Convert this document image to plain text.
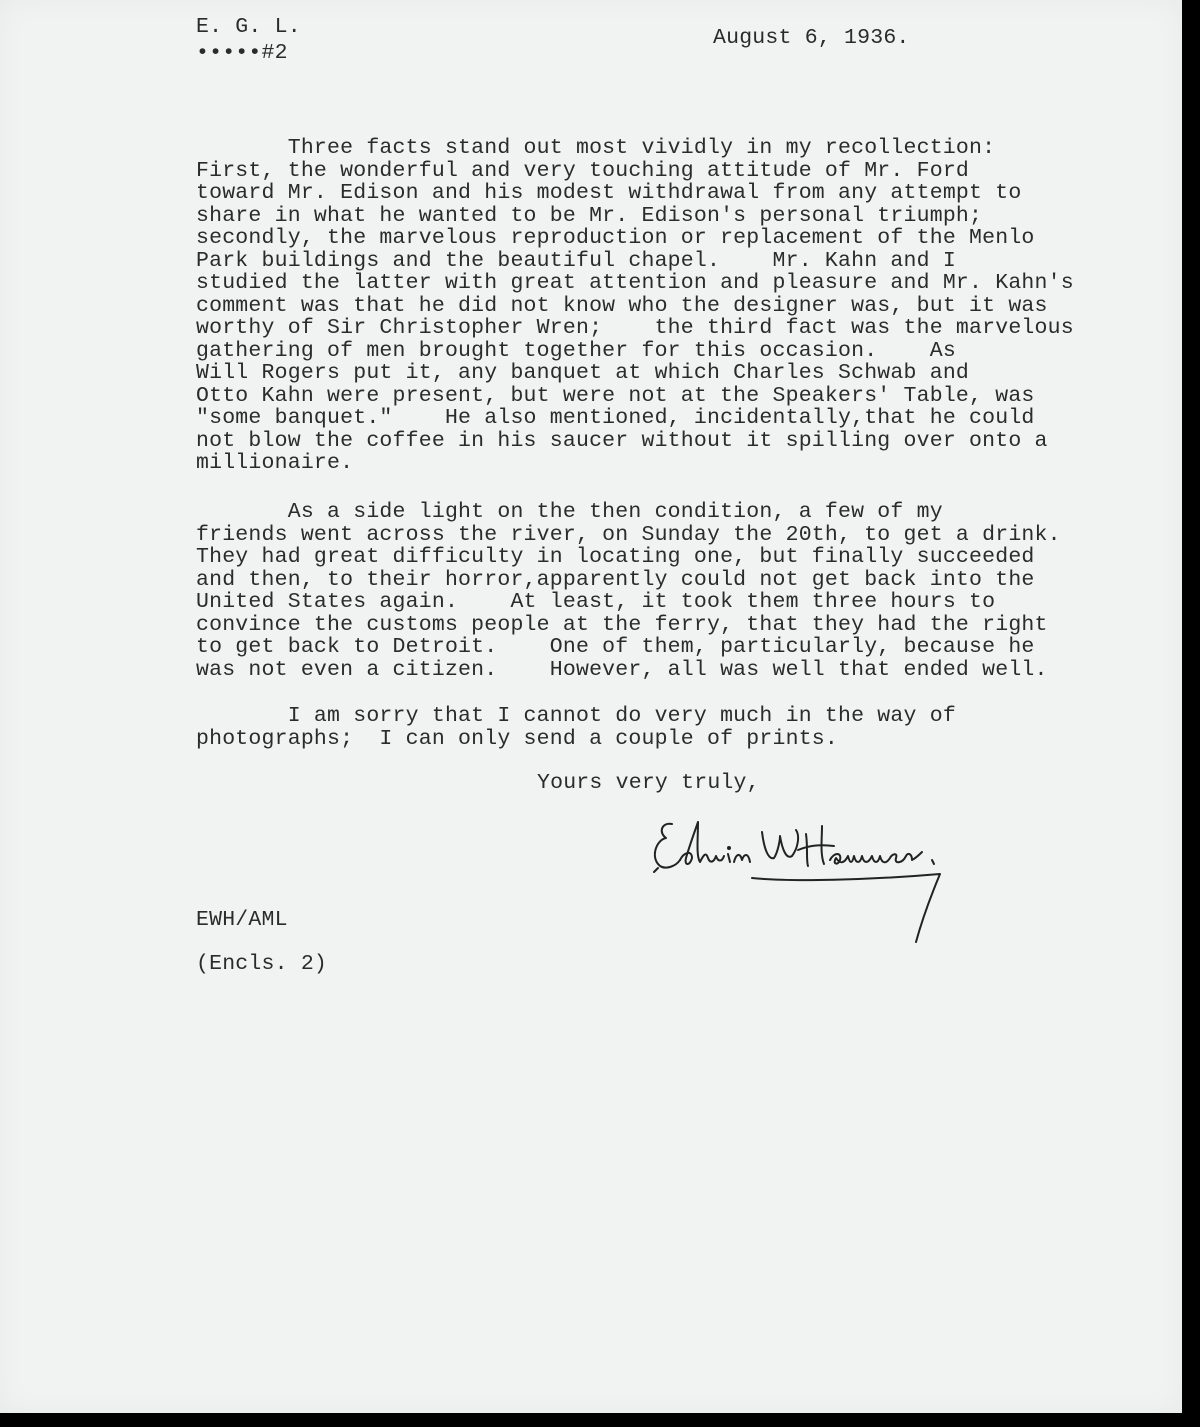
E. G. L.

•••••#2

August 6, 1936.

Three facts stand out most vividly in my recollection:
First, the wonderful and very touching attitude of Mr. Ford
toward Mr. Edison and his modest withdrawal from any attempt to
share in what he wanted to be Mr. Edison's personal triumph;
secondly, the marvelous reproduction or replacement of the Menlo
Park buildings and the beautiful chapel.    Mr. Kahn and I
studied the latter with great attention and pleasure and Mr. Kahn's
comment was that he did not know who the designer was, but it was
worthy of Sir Christopher Wren;    the third fact was the marvelous
gathering of men brought together for this occasion.    As
Will Rogers put it, any banquet at which Charles Schwab and
Otto Kahn were present, but were not at the Speakers' Table, was
"some banquet."    He also mentioned, incidentally,that he could
not blow the coffee in his saucer without it spilling over onto a
millionaire.
As a side light on the then condition, a few of my
friends went across the river, on Sunday the 20th, to get a drink.
They had great difficulty in locating one, but finally succeeded
and then, to their horror,apparently could not get back into the
United States again.    At least, it took them three hours to
convince the customs people at the ferry, that they had the right
to get back to Detroit.    One of them, particularly, because he
was not even a citizen.    However, all was well that ended well.
I am sorry that I cannot do very much in the way of
photographs;  I can only send a couple of prints.

Yours very truly,

EWH/AML

(Encls. 2)
